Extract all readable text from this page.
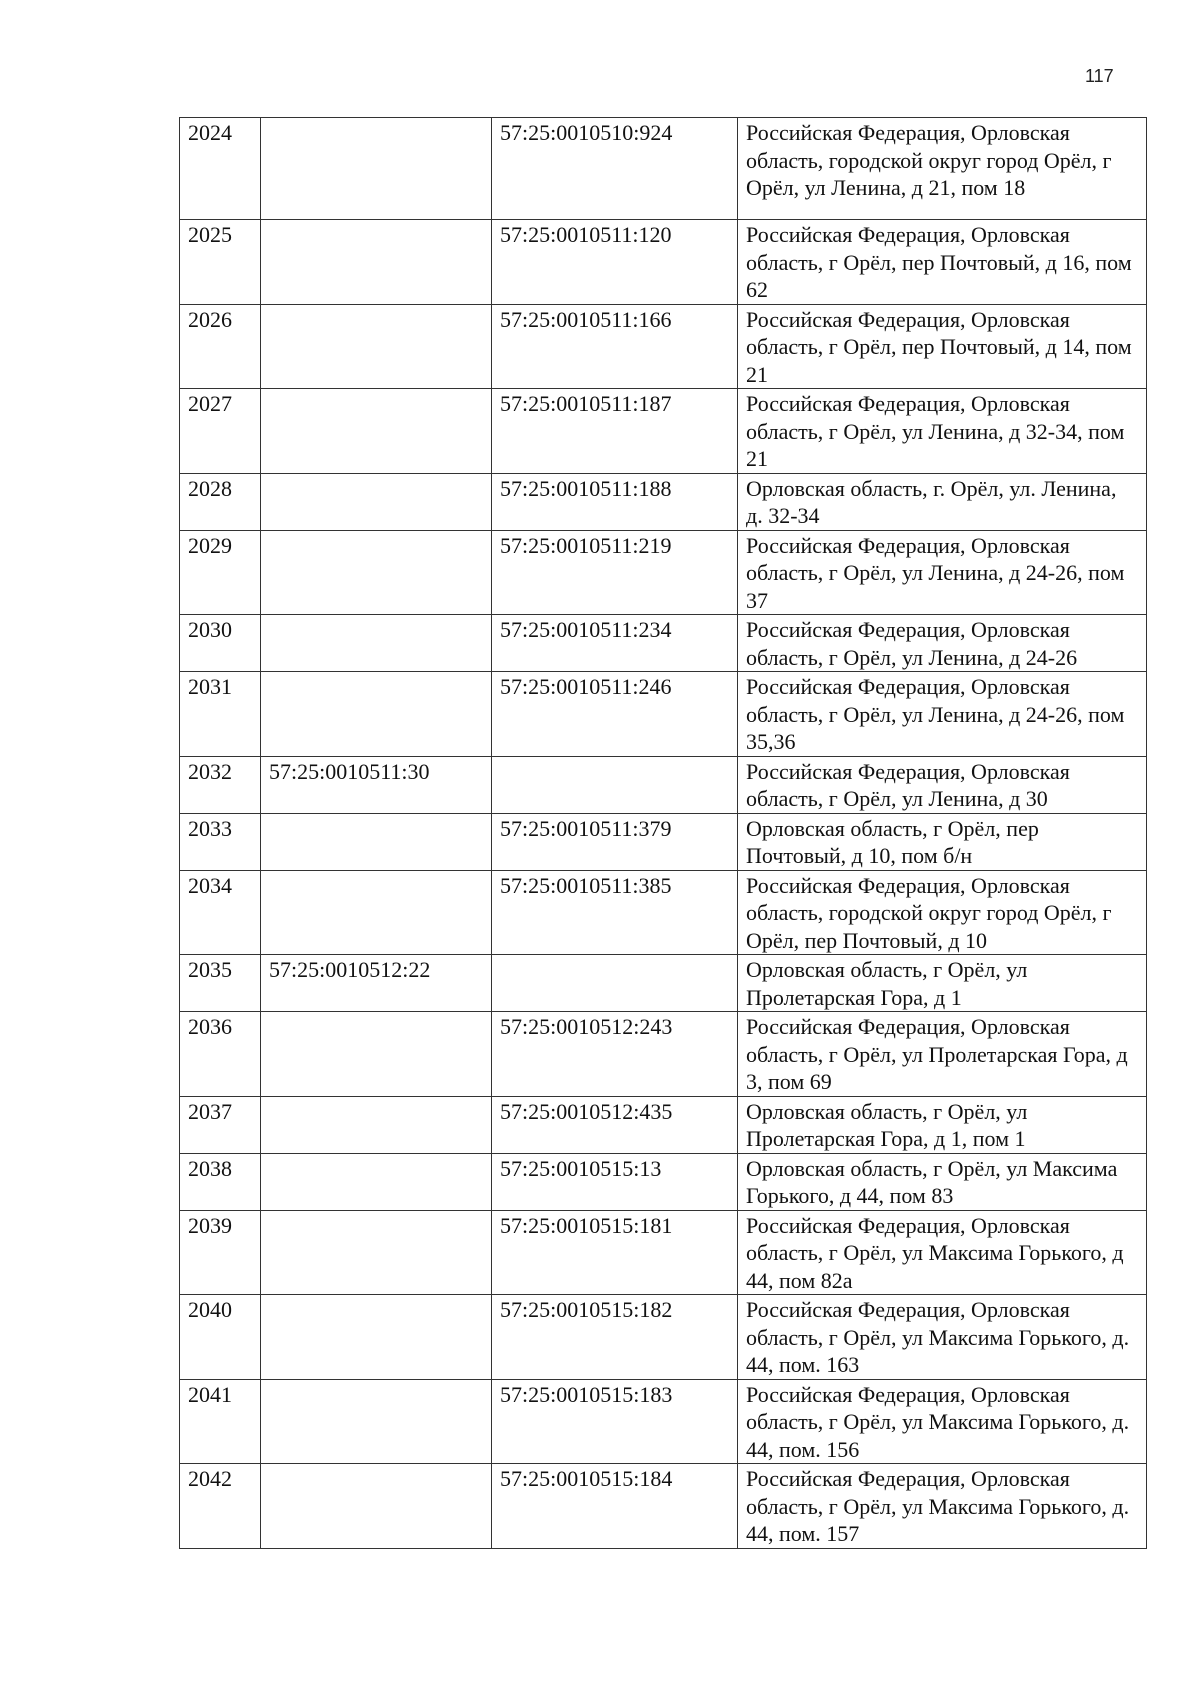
117
2024		57:25:0010510:924	Российская Федерация, Орловская область, городской округ город Орёл, г Орёл, ул Ленина, д 21, пом 18
2025		57:25:0010511:120	Российская Федерация, Орловская область, г Орёл, пер Почтовый, д 16, пом 62
2026		57:25:0010511:166	Российская Федерация, Орловская область, г Орёл, пер Почтовый, д 14, пом 21
2027		57:25:0010511:187	Российская Федерация, Орловская область, г Орёл, ул Ленина, д 32-34, пом 21
2028		57:25:0010511:188	Орловская область, г. Орёл, ул. Ленина, д. 32-34
2029		57:25:0010511:219	Российская Федерация, Орловская область, г Орёл, ул Ленина, д 24-26, пом 37
2030		57:25:0010511:234	Российская Федерация, Орловская область, г Орёл, ул Ленина, д 24-26
2031		57:25:0010511:246	Российская Федерация, Орловская область, г Орёл, ул Ленина, д 24-26, пом 35,36
2032	57:25:0010511:30		Российская Федерация, Орловская область, г Орёл, ул Ленина, д 30
2033		57:25:0010511:379	Орловская область, г Орёл, пер Почтовый, д 10, пом б/н
2034		57:25:0010511:385	Российская Федерация, Орловская область, городской округ город Орёл, г Орёл, пер Почтовый, д 10
2035	57:25:0010512:22		Орловская область, г Орёл, ул Пролетарская Гора, д 1
2036		57:25:0010512:243	Российская Федерация, Орловская область, г Орёл, ул Пролетарская Гора, д 3, пом 69
2037		57:25:0010512:435	Орловская область, г Орёл, ул Пролетарская Гора, д 1, пом 1
2038		57:25:0010515:13	Орловская область, г Орёл, ул Максима Горького, д 44, пом 83
2039		57:25:0010515:181	Российская Федерация, Орловская область, г Орёл, ул Максима Горького, д 44, пом 82а
2040		57:25:0010515:182	Российская Федерация, Орловская область, г Орёл, ул Максима Горького, д. 44, пом. 163
2041		57:25:0010515:183	Российская Федерация, Орловская область, г Орёл, ул Максима Горького, д. 44, пом. 156
2042		57:25:0010515:184	Российская Федерация, Орловская область, г Орёл, ул Максима Горького, д. 44, пом. 157
